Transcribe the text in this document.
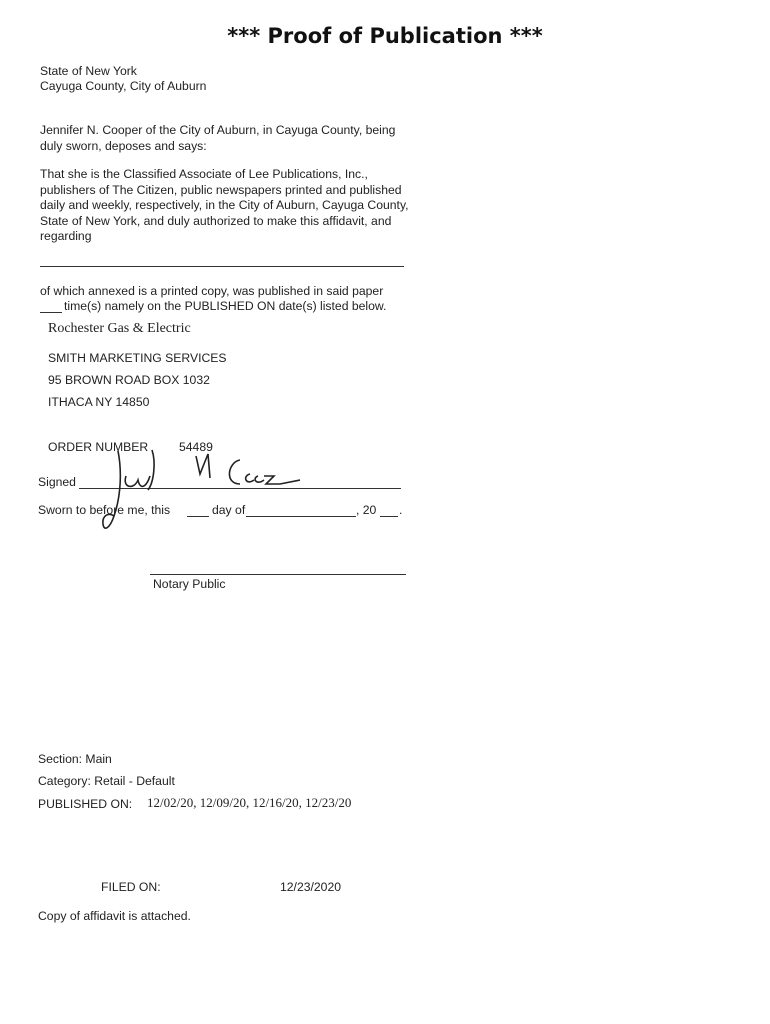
*** Proof of Publication ***
State of New York
Cayuga County, City of Auburn
Jennifer N. Cooper of the City of Auburn, in Cayuga County, being duly sworn, deposes and says:
That she is the Classified Associate of Lee Publications, Inc., publishers of The Citizen, public newspapers printed and published daily and weekly, respectively, in the City of Auburn, Cayuga County, State of New York, and duly authorized to make this affidavit, and regarding
of which annexed is a printed copy, was published in said paper
time(s) namely on the PUBLISHED ON date(s) listed below.
Rochester Gas & Electric
SMITH MARKETING SERVICES
95 BROWN ROAD BOX 1032
ITHACA NY 14850
ORDER NUMBER	54489
Signed
Sworn to before me, this	day of	, 20 .
Notary Public
Section: Main
Category: Retail - Default
PUBLISHED ON: 12/02/20, 12/09/20, 12/16/20, 12/23/20
FILED ON:	12/23/2020
Copy of affidavit is attached.
